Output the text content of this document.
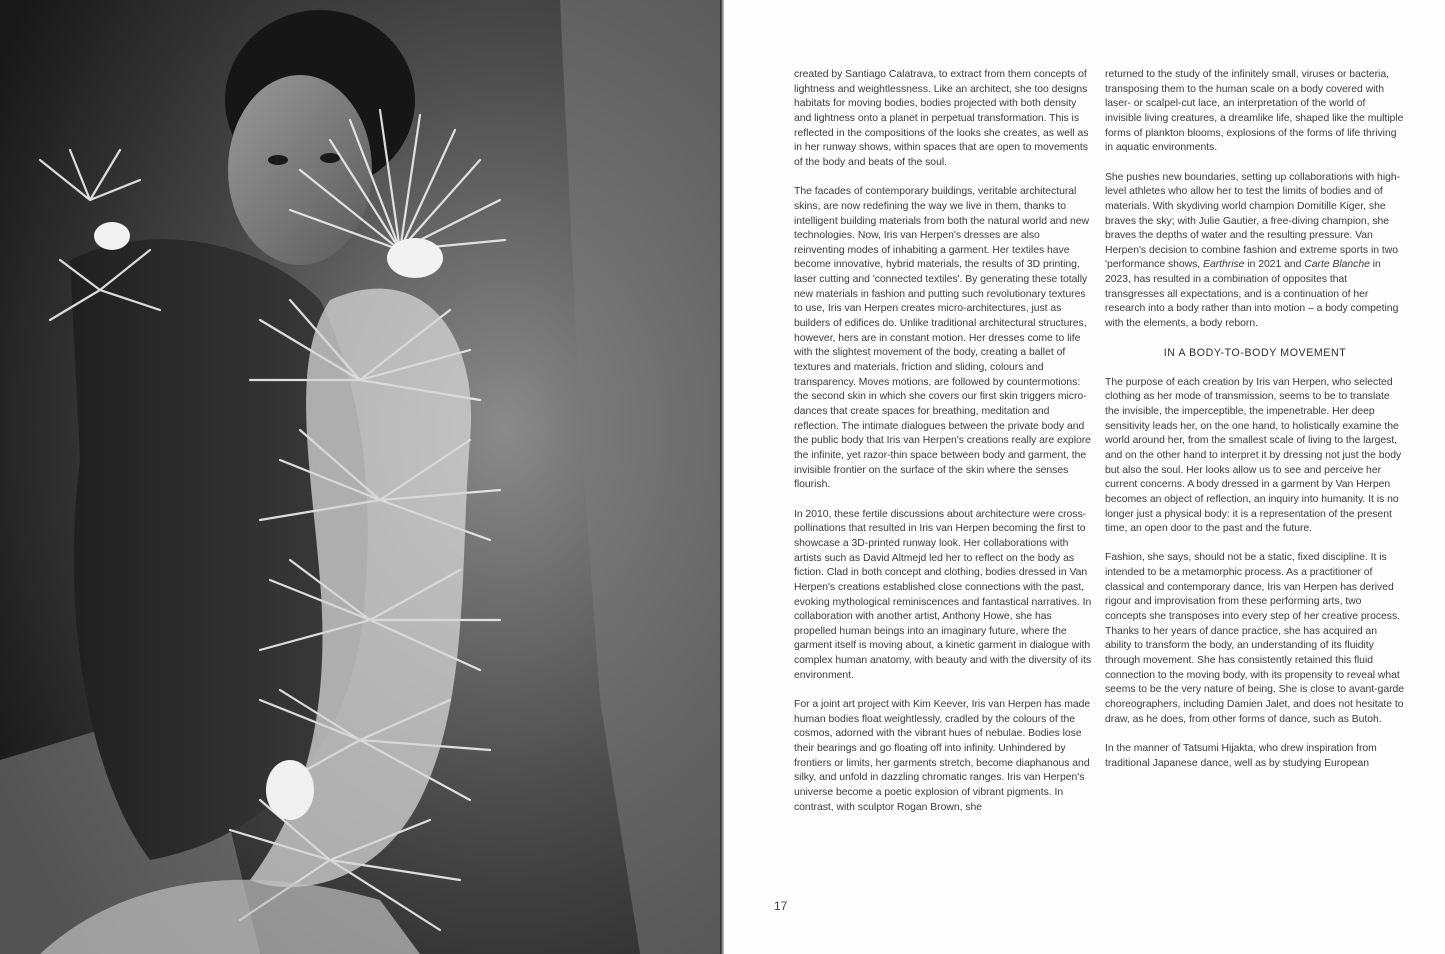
created by Santiago Calatrava, to extract from them concepts of lightness and weightlessness. Like an architect, she too designs habitats for moving bodies, bodies projected with both density and lightness onto a planet in perpetual transformation. This is reflected in the compositions of the looks she creates, as well as in her runway shows, within spaces that are open to movements of the body and beats of the soul.

The facades of contemporary buildings, veritable architectural skins, are now redefining the way we live in them, thanks to intelligent building materials from both the natural world and new technologies. Now, Iris van Herpen's dresses are also reinventing modes of inhabiting a garment. Her textiles have become innovative, hybrid materials, the results of 3D printing, laser cutting and 'connected textiles'. By generating these totally new materials in fashion and putting such revolutionary textures to use, Iris van Herpen creates micro-architectures, just as builders of edifices do. Unlike traditional architectural structures, however, hers are in constant motion. Her dresses come to life with the slightest movement of the body, creating a ballet of textures and materials, friction and sliding, colours and transparency. Moves motions, are followed by countermotions: the second skin in which she covers our first skin triggers micro-dances that create spaces for breathing, meditation and reflection. The intimate dialogues between the private body and the public body that Iris van Herpen's creations really are explore the infinite, yet razor-thin space between body and garment, the invisible frontier on the surface of the skin where the senses flourish.

In 2010, these fertile discussions about architecture were cross-pollinations that resulted in Iris van Herpen becoming the first to showcase a 3D-printed runway look. Her collaborations with artists such as David Altmejd led her to reflect on the body as fiction. Clad in both concept and clothing, bodies dressed in Van Herpen's creations established close connections with the past, evoking mythological reminiscences and fantastical narratives. In collaboration with another artist, Anthony Howe, she has propelled human beings into an imaginary future, where the garment itself is moving about, a kinetic garment in dialogue with complex human anatomy, with beauty and with the diversity of its environment.

For a joint art project with Kim Keever, Iris van Herpen has made human bodies float weightlessly, cradled by the colours of the cosmos, adorned with the vibrant hues of nebulae. Bodies lose their bearings and go floating off into infinity. Unhindered by frontiers or limits, her garments stretch, become diaphanous and silky, and unfold in dazzling chromatic ranges. Iris van Herpen's universe become a poetic explosion of vibrant pigments. In contrast, with sculptor Rogan Brown, she

returned to the study of the infinitely small, viruses or bacteria, transposing them to the human scale on a body covered with laser- or scalpel-cut lace, an interpretation of the world of invisible living creatures, a dreamlike life, shaped like the multiple forms of plankton blooms, explosions of the forms of life thriving in aquatic environments.

She pushes new boundaries, setting up collaborations with high-level athletes who allow her to test the limits of bodies and of materials. With skydiving world champion Domitille Kiger, she braves the sky; with Julie Gautier, a free-diving champion, she braves the depths of water and the resulting pressure. Van Herpen's decision to combine fashion and extreme sports in two 'performance shows, Earthrise in 2021 and Carte Blanche in 2023, has resulted in a combination of opposites that transgresses all expectations, and is a continuation of her research into a body rather than into motion – a body competing with the elements, a body reborn.

IN A BODY-TO-BODY MOVEMENT

The purpose of each creation by Iris van Herpen, who selected clothing as her mode of transmission, seems to be to translate the invisible, the imperceptible, the impenetrable. Her deep sensitivity leads her, on the one hand, to holistically examine the world around her, from the smallest scale of living to the largest, and on the other hand to interpret it by dressing not just the body but also the soul. Her looks allow us to see and perceive her current concerns. A body dressed in a garment by Van Herpen becomes an object of reflection, an inquiry into humanity. It is no longer just a physical body: it is a representation of the present time, an open door to the past and the future.

Fashion, she says, should not be a static, fixed discipline. It is intended to be a metamorphic process. As a practitioner of classical and contemporary dance, Iris van Herpen has derived rigour and improvisation from these performing arts, two concepts she transposes into every step of her creative process. Thanks to her years of dance practice, she has acquired an ability to transform the body, an understanding of its fluidity through movement. She has consistently retained this fluid connection to the moving body, with its propensity to reveal what seems to be the very nature of being. She is close to avant-garde choreographers, including Damien Jalet, and does not hesitate to draw, as he does, from other forms of dance, such as Butoh.

In the manner of Tatsumi Hijakta, who drew inspiration from traditional Japanese dance, well as by studying European

17
